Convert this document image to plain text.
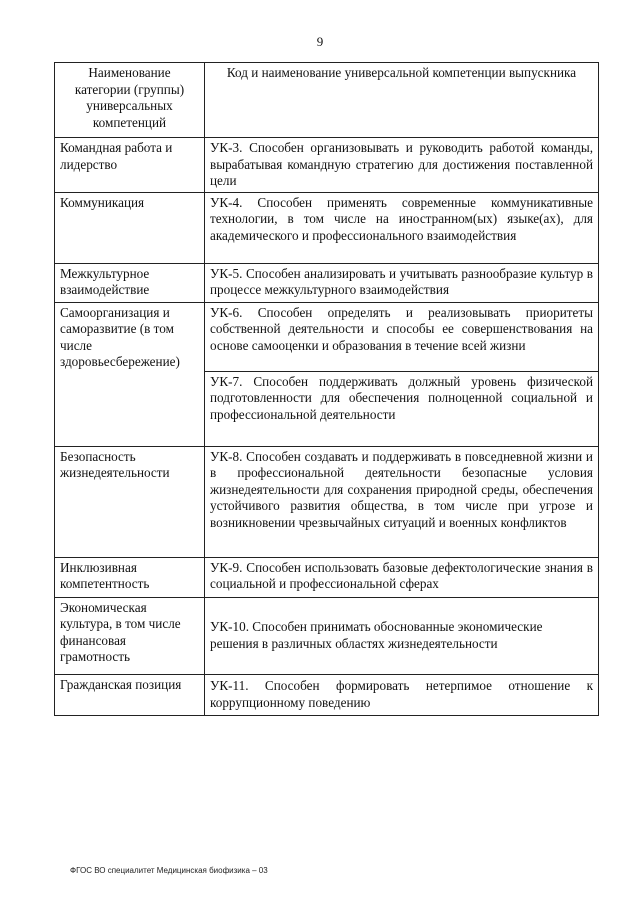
9
Наименование категории (группы) универсальных компетенций	Код и наименование универсальной компетенции выпускника
Командная работа и лидерство	УК-3. Способен организовывать и руководить работой команды, вырабатывая командную стратегию для достижения поставленной цели
Коммуникация	УК-4. Способен применять современные коммуникативные технологии, в том числе на иностранном(ых) языке(ах), для академического и профессионального взаимодействия
Межкультурное взаимодействие	УК-5. Способен анализировать и учитывать разнообразие культур в процессе межкультурного взаимодействия
Самоорганизация и саморазвитие (в том числе здоровьесбережение)	УК-6. Способен определять и реализовывать приоритеты собственной деятельности и способы ее совершенствования на основе самооценки и образования в течение всей жизни
	УК-7. Способен поддерживать должный уровень физической подготовленности для обеспечения полноценной социальной и профессиональной деятельности
Безопасность жизнедеятельности	УК-8. Способен создавать и поддерживать в повседневной жизни и в профессиональной деятельности безопасные условия жизнедеятельности для сохранения природной среды, обеспечения устойчивого развития общества, в том числе при угрозе и возникновении чрезвычайных ситуаций и военных конфликтов
Инклюзивная компетентность	УК-9. Способен использовать базовые дефектологические знания в социальной и профессиональной сферах
Экономическая культура, в том числе финансовая грамотность	УК-10. Способен принимать обоснованные экономические решения в различных областях жизнедеятельности
Гражданская позиция	УК-11. Способен формировать нетерпимое отношение к коррупционному поведению
ФГОС ВО специалитет Медицинская биофизика – 03
